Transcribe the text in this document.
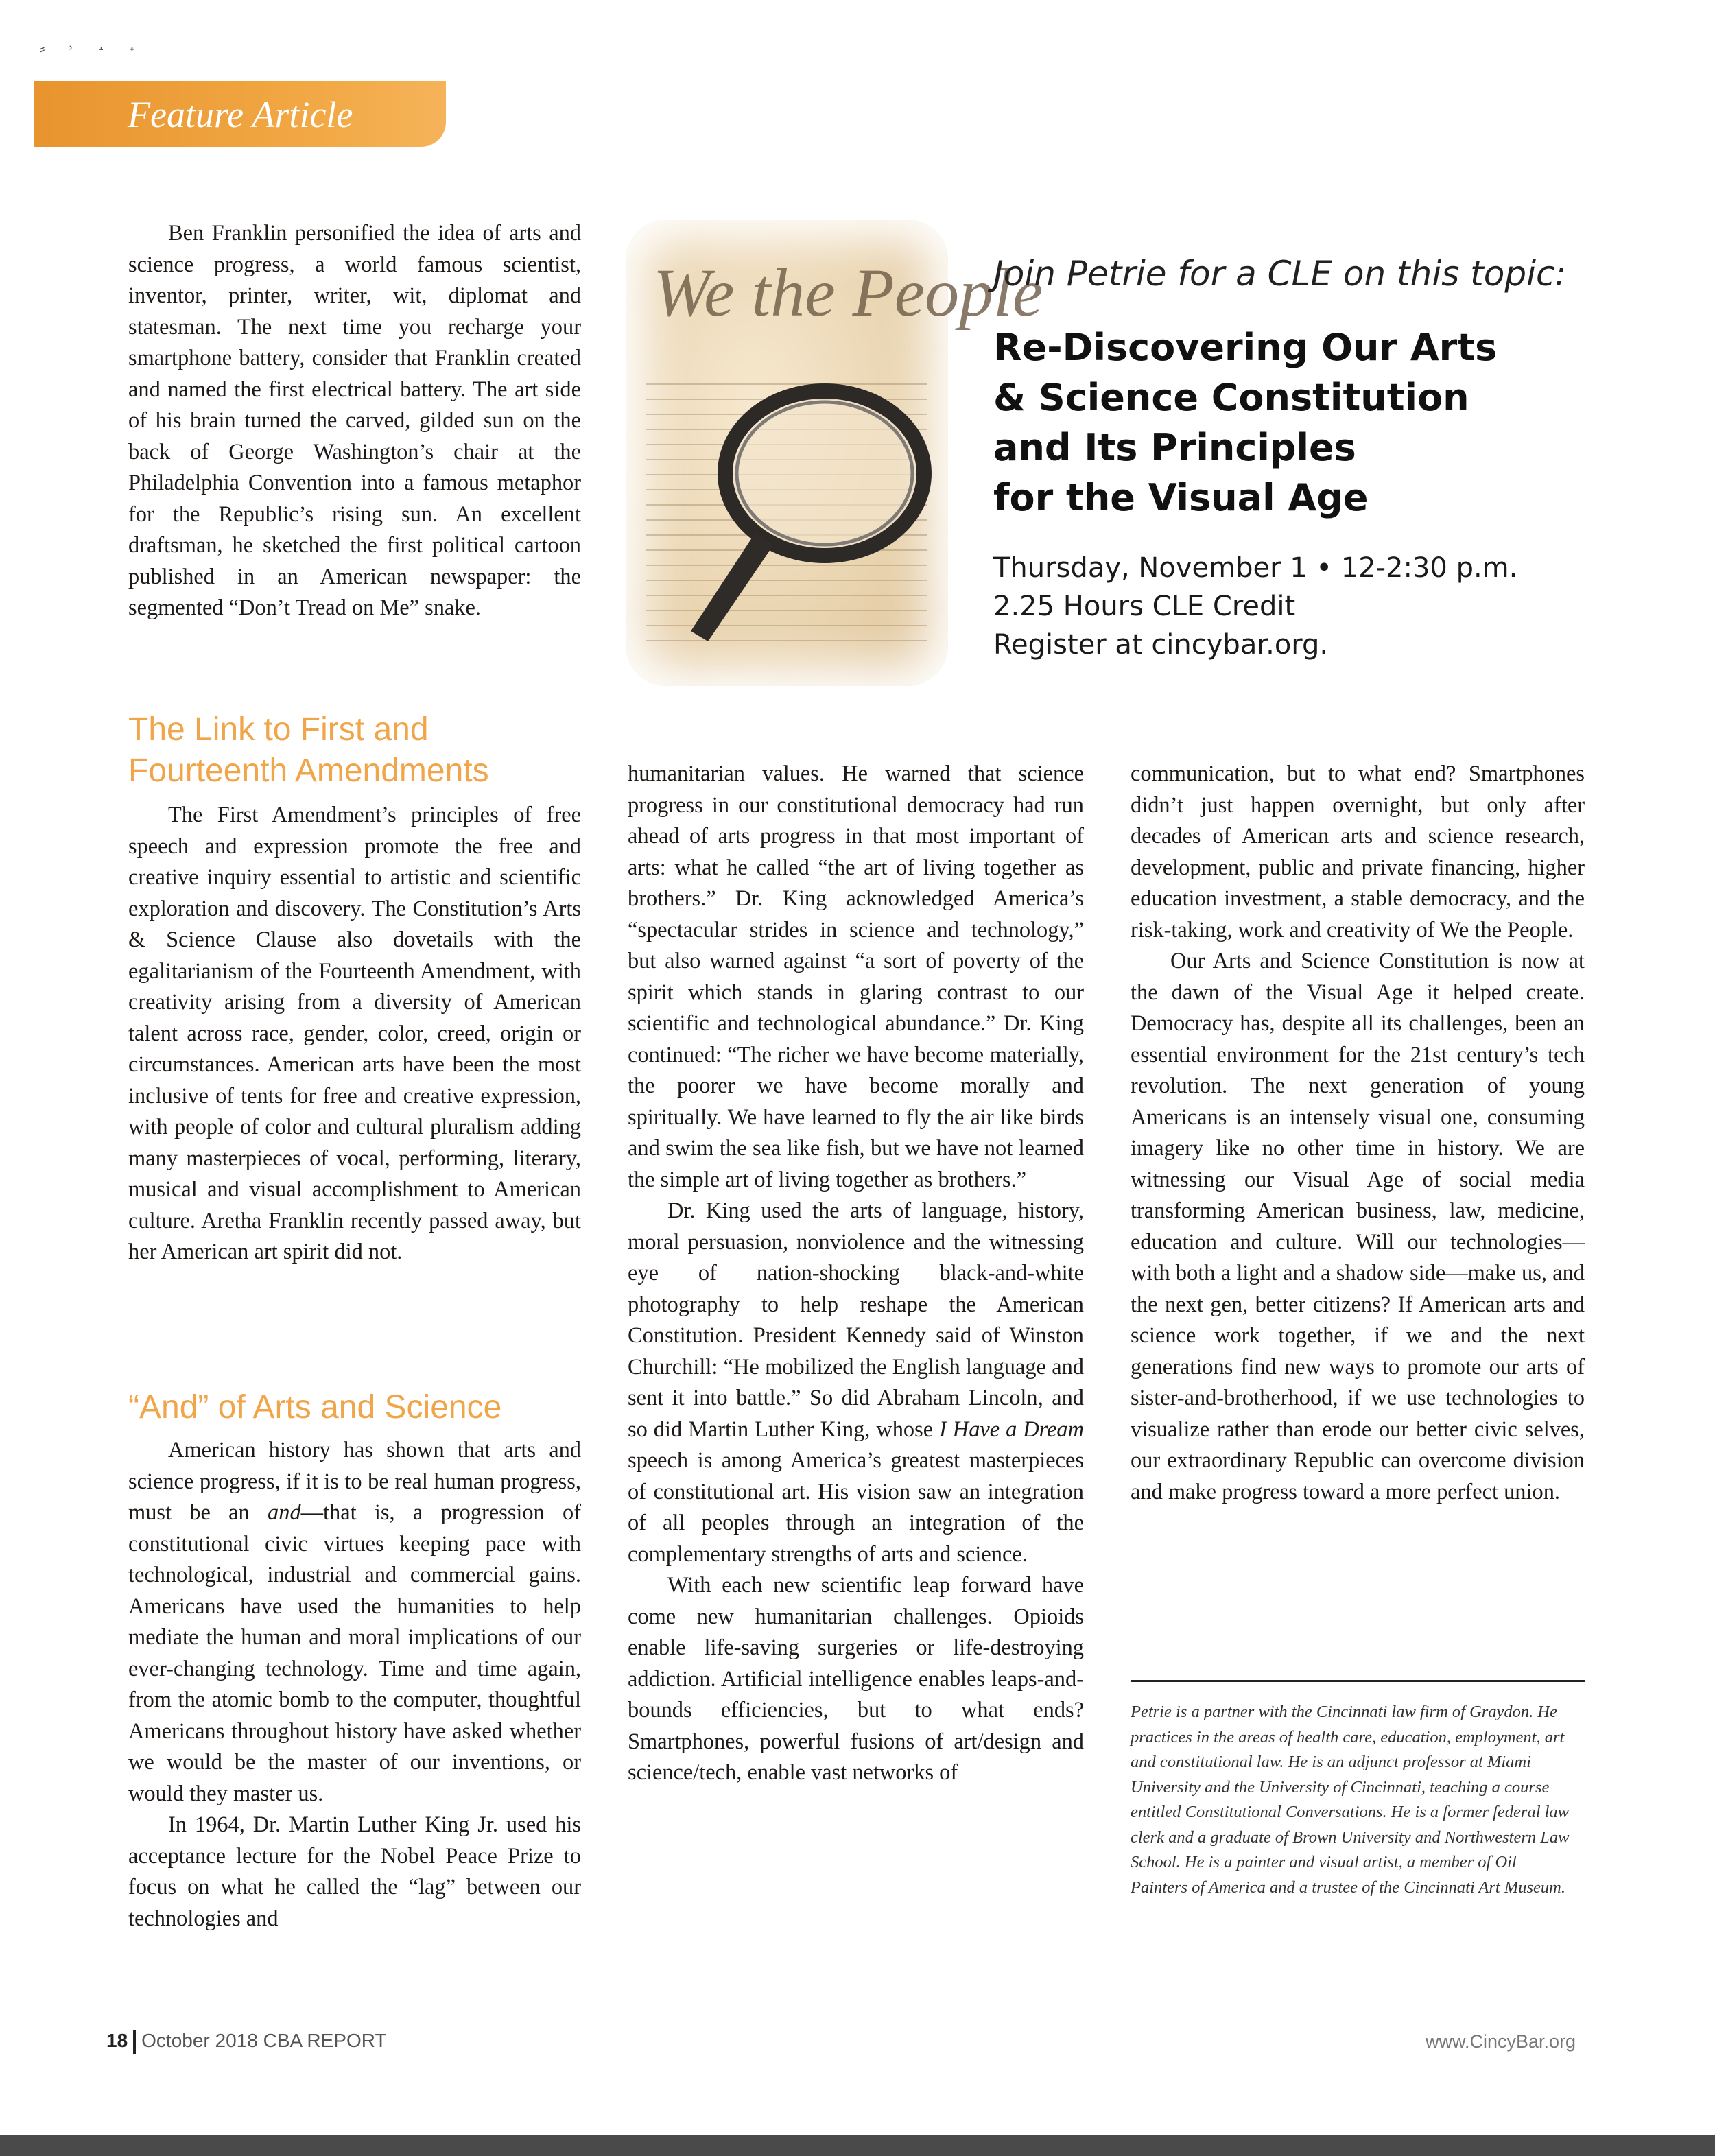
⸗ ˒ ˔ ˖
Feature Article

Ben Franklin personified the idea of arts and science progress, a world famous scientist, inventor, printer, writer, wit, diplomat and statesman. The next time you recharge your smartphone battery, consider that Franklin created and named the first electrical battery. The art side of his brain turned the carved, gilded sun on the back of George Washington’s chair at the Philadelphia Convention into a famous metaphor for the Republic’s rising sun. An excellent draftsman, he sketched the first political cartoon published in an American newspaper: the segmented “Don’t Tread on Me” snake.

The Link to First and
Fourteenth Amendments

The First Amendment’s principles of free speech and expression promote the free and creative inquiry essential to artistic and scientific exploration and discovery. The Constitution’s Arts & Science Clause also dovetails with the egalitarianism of the Fourteenth Amendment, with creativity arising from a diversity of American talent across race, gender, color, creed, origin or circumstances. American arts have been the most inclusive of tents for free and creative expression, with people of color and cultural pluralism adding many masterpieces of vocal, performing, literary, musical and visual accomplishment to American culture. Aretha Franklin recently passed away, but her American art spirit did not.

“And” of Arts and Science

American history has shown that arts and science progress, if it is to be real human progress, must be an and—that is, a progression of constitutional civic virtues keeping pace with technological, industrial and commercial gains. Americans have used the humanities to help mediate the human and moral implications of our ever-changing technology. Time and time again, from the atomic bomb to the computer, thoughtful Americans throughout history have asked whether we would be the master of our inventions, or would they master us.

In 1964, Dr. Martin Luther King Jr. used his acceptance lecture for the Nobel Peace Prize to focus on what he called the “lag” between our technologies and

We the People
Join Petrie for a CLE on this topic:
Re-Discovering Our Arts
& Science Constitution
and Its Principles
for the Visual Age
Thursday, November 1 • 12-2:30 p.m.
2.25 Hours CLE Credit
Register at cincybar.org.

humanitarian values. He warned that science progress in our constitutional democracy had run ahead of arts progress in that most important of arts: what he called “the art of living together as brothers.” Dr. King acknowledged America’s “spectacular strides in science and technology,” but also warned against “a sort of poverty of the spirit which stands in glaring contrast to our scientific and technological abundance.” Dr. King continued: “The richer we have become materially, the poorer we have become morally and spiritually. We have learned to fly the air like birds and swim the sea like fish, but we have not learned the simple art of living together as brothers.”

Dr. King used the arts of language, history, moral persuasion, nonviolence and the witnessing eye of nation-shocking black-and-white photography to help reshape the American Constitution. President Kennedy said of Winston Churchill: “He mobilized the English language and sent it into battle.” So did Abraham Lincoln, and so did Martin Luther King, whose I Have a Dream speech is among America’s greatest masterpieces of constitutional art. His vision saw an integration of all peoples through an integration of the complementary strengths of arts and science.

With each new scientific leap forward have come new humanitarian challenges. Opioids enable life-saving surgeries or life-destroying addiction. Artificial intelligence enables leaps-and-bounds efficiencies, but to what ends? Smartphones, powerful fusions of art/design and science/tech, enable vast networks of

communication, but to what end? Smartphones didn’t just happen overnight, but only after decades of American arts and science research, development, public and private financing, higher education investment, a stable democracy, and the risk-taking, work and creativity of We the People.

Our Arts and Science Constitution is now at the dawn of the Visual Age it helped create. Democracy has, despite all its challenges, been an essential environment for the 21st century’s tech revolution. The next generation of young Americans is an intensely visual one, consuming imagery like no other time in history. We are witnessing our Visual Age of social media transforming American business, law, medicine, education and culture. Will our technologies—with both a light and a shadow side—make us, and the next gen, better citizens? If American arts and science work together, if we and the next generations find new ways to promote our arts of sister-and-brotherhood, if we use technologies to visualize rather than erode our better civic selves, our extraordinary Republic can overcome division and make progress toward a more perfect union.

Petrie is a partner with the Cincinnati law firm of Graydon. He practices in the areas of health care, education, employment, art and constitutional law. He is an adjunct professor at Miami University and the University of Cincinnati, teaching a course entitled Constitutional Conversations. He is a former federal law clerk and a graduate of Brown University and Northwestern Law School. He is a painter and visual artist, a member of Oil Painters of America and a trustee of the Cincinnati Art Museum.
18 October 2018 CBA REPORT	www.CincyBar.org
